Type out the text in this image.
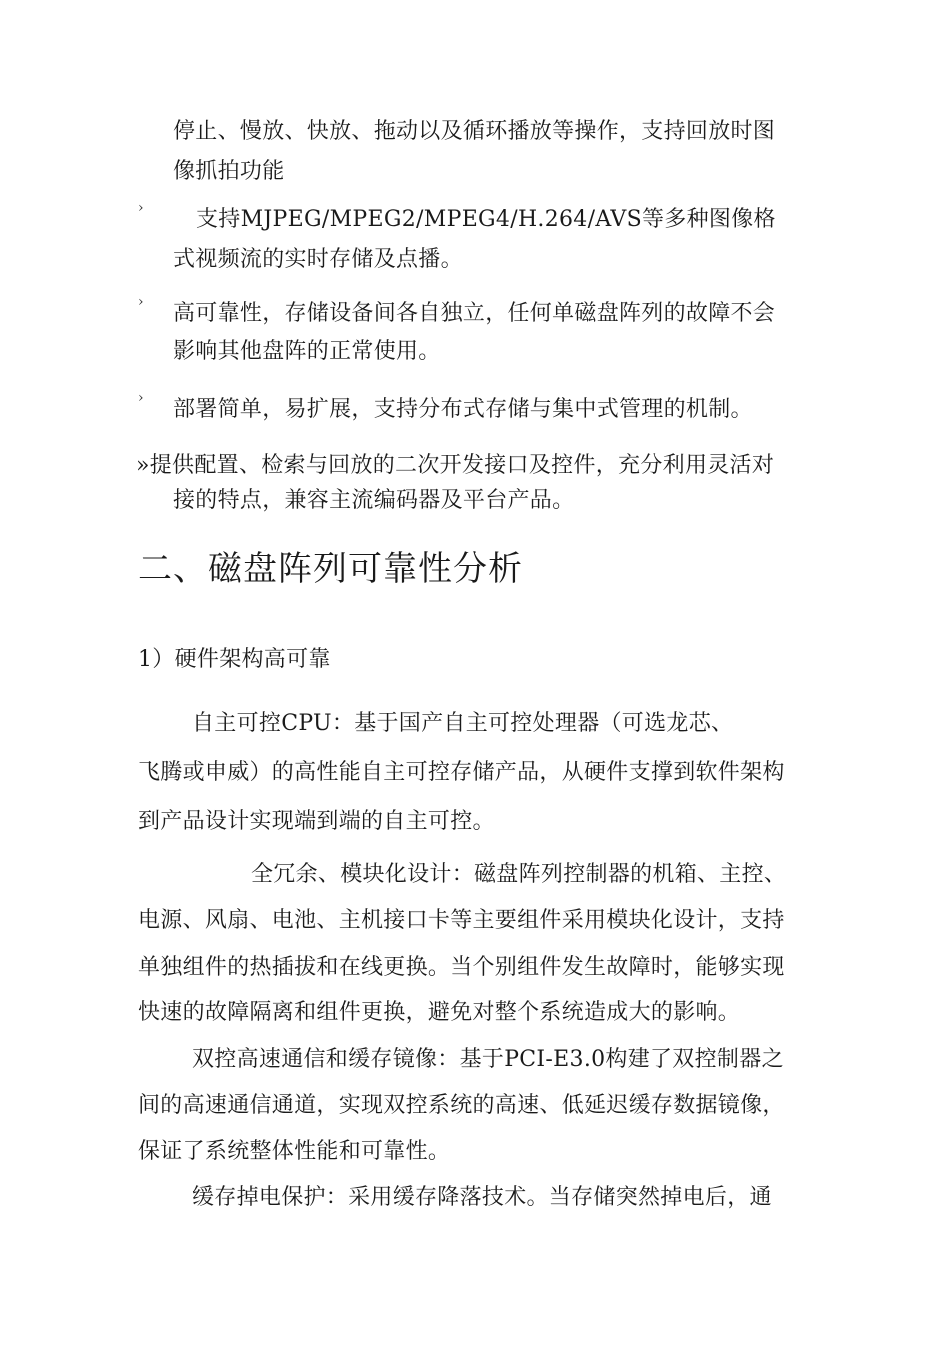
停止、慢放、快放、拖动以及循环播放等操作，支持回放时图
像抓拍功能
› 支持MJPEG/MPEG2/MPEG4/H.264/AVS等多种图像格
式视频流的实时存储及点播。
› 高可靠性，存储设备间各自独立，任何单磁盘阵列的故障不会
影响其他盘阵的正常使用。
› 部署简单，易扩展，支持分布式存储与集中式管理的机制。
»提供配置、检索与回放的二次开发接口及控件，充分利用灵活对
接的特点，兼容主流编码器及平台产品。
二、磁盘阵列可靠性分析
1）硬件架构高可靠
自主可控CPU：基于国产自主可控处理器（可选龙芯、
飞腾或申威）的高性能自主可控存储产品，从硬件支撑到软件架构
到产品设计实现端到端的自主可控。
全冗余、模块化设计：磁盘阵列控制器的机箱、主控、
电源、风扇、电池、主机接口卡等主要组件采用模块化设计，支持
单独组件的热插拔和在线更换。当个别组件发生故障时，能够实现
快速的故障隔离和组件更换，避免对整个系统造成大的影响。
双控高速通信和缓存镜像：基于PCI-E3.0构建了双控制器之
间的高速通信通道，实现双控系统的高速、低延迟缓存数据镜像，
保证了系统整体性能和可靠性。
缓存掉电保护：采用缓存降落技术。当存储突然掉电后，通
